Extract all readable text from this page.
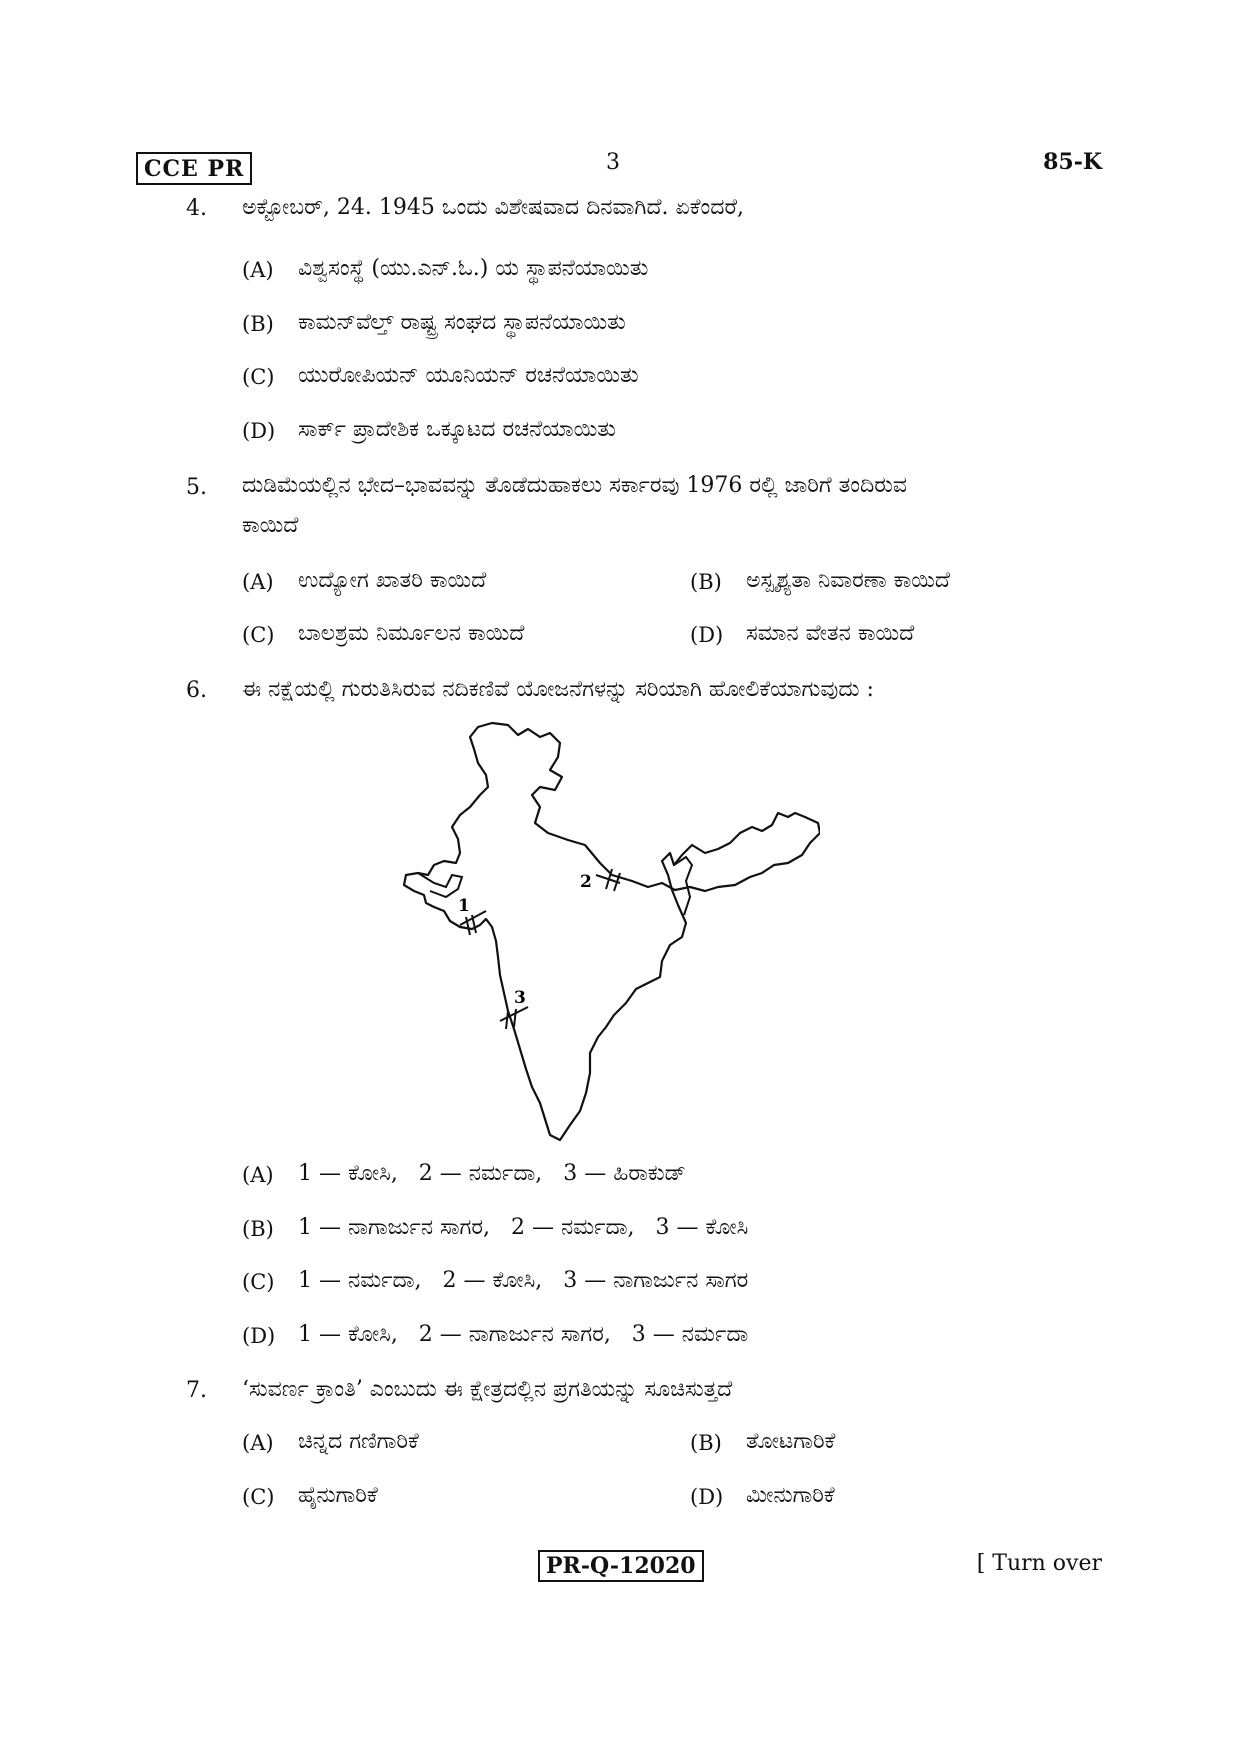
CCE PR	3	85-K
4. ಅಕ್ಟೋಬರ್, 24. 1945 ಒಂದು ವಿಶೇಷವಾದ ದಿನವಾಗಿದೆ. ಏಕೆಂದರೆ,
(A) ವಿಶ್ವಸಂಸ್ಥೆ (ಯು.ಎನ್.ಓ.) ಯ ಸ್ಥಾಪನೆಯಾಯಿತು
(B) ಕಾಮನ್‌ವೆಲ್ತ್ ರಾಷ್ಟ್ರ ಸಂಘದ ಸ್ಥಾಪನೆಯಾಯಿತು
(C) ಯುರೋಪಿಯನ್ ಯೂನಿಯನ್ ರಚನೆಯಾಯಿತು
(D) ಸಾರ್ಕ್ ಪ್ರಾದೇಶಿಕ ಒಕ್ಕೂಟದ ರಚನೆಯಾಯಿತು
5. ದುಡಿಮೆಯಲ್ಲಿನ ಭೇದ–ಭಾವವನ್ನು ತೊಡೆದುಹಾಕಲು ಸರ್ಕಾರವು 1976 ರಲ್ಲಿ ಜಾರಿಗೆ ತಂದಿರುವ
ಕಾಯಿದೆ
(A) ಉದ್ಯೋಗ ಖಾತರಿ ಕಾಯಿದೆ	(B) ಅಸ್ಪೃಶ್ಯತಾ ನಿವಾರಣಾ ಕಾಯಿದೆ
(C) ಬಾಲಶ್ರಮ ನಿರ್ಮೂಲನ ಕಾಯಿದೆ	(D) ಸಮಾನ ವೇತನ ಕಾಯಿದೆ
6. ಈ ನಕ್ಷೆಯಲ್ಲಿ ಗುರುತಿಸಿರುವ ನದಿಕಣಿವೆ ಯೋಜನೆಗಳನ್ನು ಸರಿಯಾಗಿ ಹೋಲಿಕೆಯಾಗುವುದು :
1
2
3
(A) 1 — ಕೋಸಿ,   2 — ನರ್ಮದಾ,   3 — ಹಿರಾಕುಡ್
(B) 1 — ನಾಗಾರ್ಜುನ ಸಾಗರ,   2 — ನರ್ಮದಾ,   3 — ಕೋಸಿ
(C) 1 — ನರ್ಮದಾ,   2 — ಕೋಸಿ,   3 — ನಾಗಾರ್ಜುನ ಸಾಗರ
(D) 1 — ಕೋಸಿ,   2 — ನಾಗಾರ್ಜುನ ಸಾಗರ,   3 — ನರ್ಮದಾ
7. ‘ಸುವರ್ಣ ಕ್ರಾಂತಿ’ ಎಂಬುದು ಈ ಕ್ಷೇತ್ರದಲ್ಲಿನ ಪ್ರಗತಿಯನ್ನು ಸೂಚಿಸುತ್ತದೆ
(A) ಚಿನ್ನದ ಗಣಿಗಾರಿಕೆ	(B) ತೋಟಗಾರಿಕೆ
(C) ಹೈನುಗಾರಿಕೆ	(D) ಮೀನುಗಾರಿಕೆ
PR-Q-12020	[ Turn over
